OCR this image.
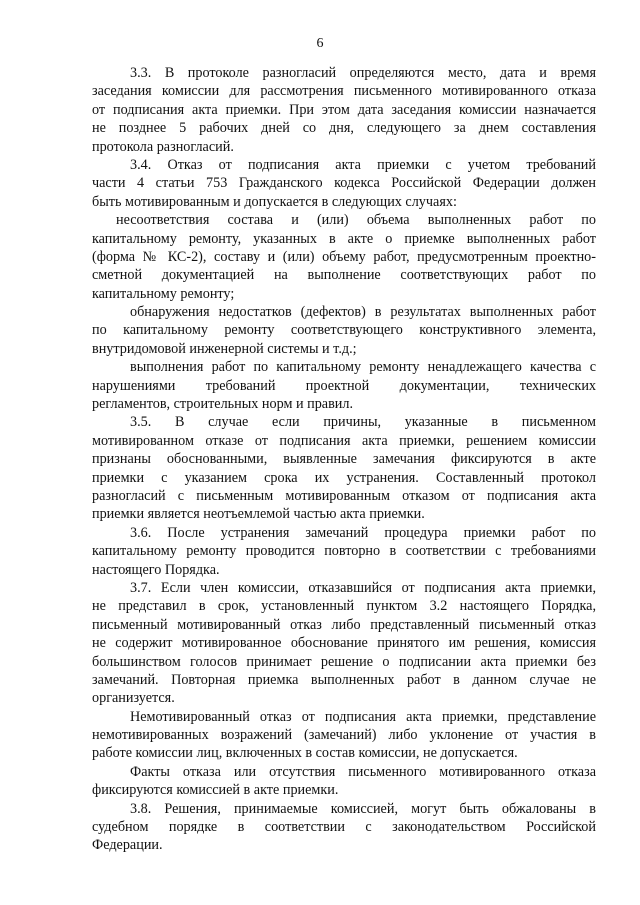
6

3.3. В протоколе разногласий определяются место, дата и время
заседания комиссии для рассмотрения письменного мотивированного отказа
от подписания акта приемки. При этом дата заседания комиссии назначается
не позднее 5 рабочих дней со дня, следующего за днем составления
протокола разногласий.

3.4. Отказ от подписания акта приемки с учетом требований
части 4 статьи 753 Гражданского кодекса Российской Федерации должен
быть мотивированным и допускается в следующих случаях:

несоответствия состава и (или) объема выполненных работ по
капитальному ремонту, указанных в акте о приемке выполненных работ
(форма № КС-2), составу и (или) объему работ, предусмотренным проектно-
сметной документацией на выполнение соответствующих работ по
капитальному ремонту;

обнаружения недостатков (дефектов) в результатах выполненных работ
по капитальному ремонту соответствующего конструктивного элемента,
внутридомовой инженерной системы и т.д.;

выполнения работ по капитальному ремонту ненадлежащего качества с
нарушениями требований проектной документации, технических
регламентов, строительных норм и правил.

3.5. В случае если причины, указанные в письменном
мотивированном отказе от подписания акта приемки, решением комиссии
признаны обоснованными, выявленные замечания фиксируются в акте
приемки с указанием срока их устранения. Составленный протокол
разногласий с письменным мотивированным отказом от подписания акта
приемки является неотъемлемой частью акта приемки.

3.6. После устранения замечаний процедура приемки работ по
капитальному ремонту проводится повторно в соответствии с требованиями
настоящего Порядка.

3.7. Если член комиссии, отказавшийся от подписания акта приемки,
не представил в срок, установленный пунктом 3.2 настоящего Порядка,
письменный мотивированный отказ либо представленный письменный отказ
не содержит мотивированное обоснование принятого им решения, комиссия
большинством голосов принимает решение о подписании акта приемки без
замечаний. Повторная приемка выполненных работ в данном случае не
организуется.

Немотивированный отказ от подписания акта приемки, представление
немотивированных возражений (замечаний) либо уклонение от участия в
работе комиссии лиц, включенных в состав комиссии, не допускается.

Факты отказа или отсутствия письменного мотивированного отказа
фиксируются комиссией в акте приемки.

3.8. Решения, принимаемые комиссией, могут быть обжалованы в
судебном порядке в соответствии с законодательством Российской
Федерации.
